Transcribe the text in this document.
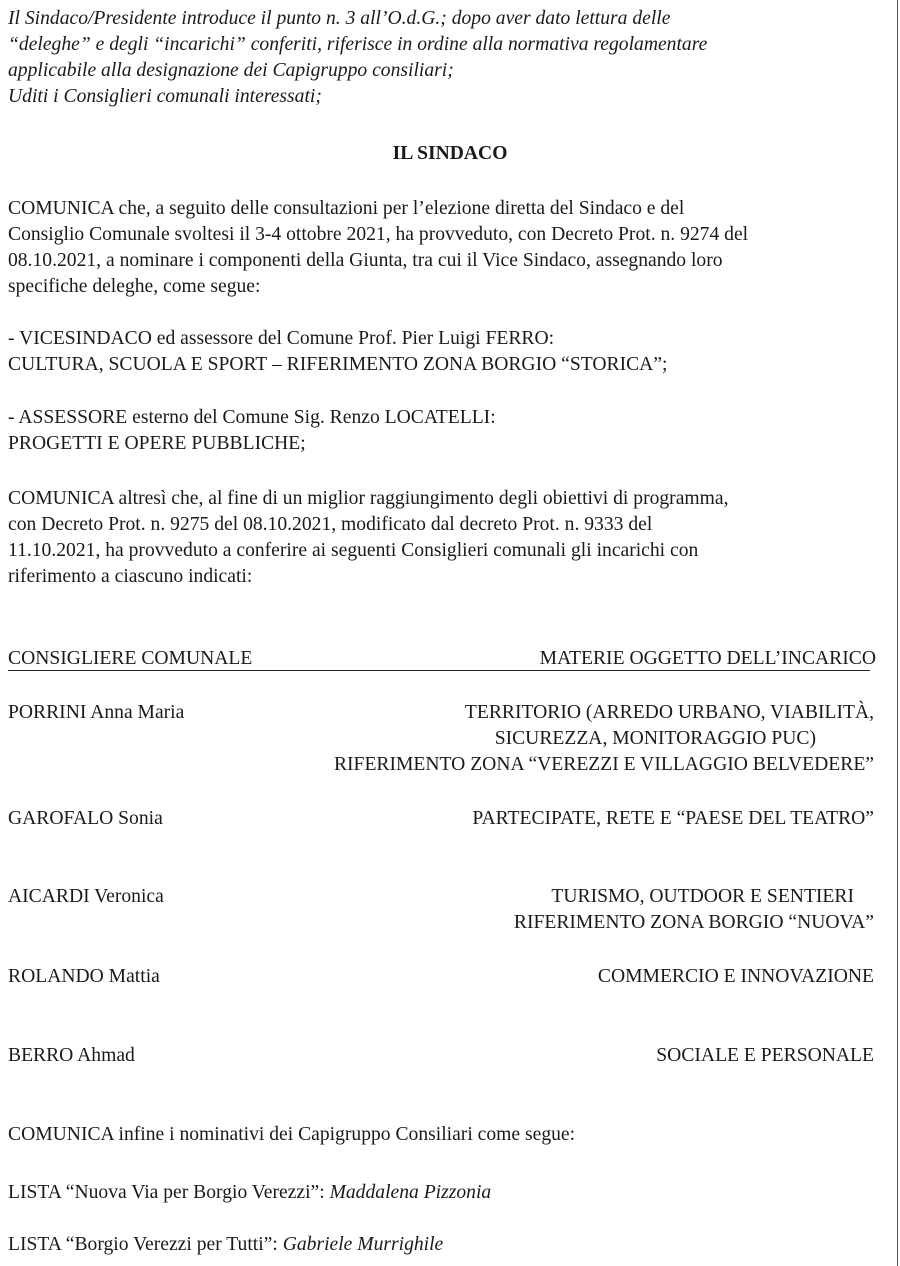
Il Sindaco/Presidente introduce il punto n. 3 all’O.d.G.; dopo aver dato lettura delle
“deleghe” e degli “incarichi” conferiti, riferisce in ordine alla normativa regolamentare
applicabile alla designazione dei Capigruppo consiliari;
Uditi i Consiglieri comunali interessati;
IL SINDACO
COMUNICA che, a seguito delle consultazioni per l’elezione diretta del Sindaco e del
Consiglio Comunale svoltesi il 3-4 ottobre 2021, ha provveduto, con Decreto Prot. n. 9274 del
08.10.2021, a nominare i componenti della Giunta, tra cui il Vice Sindaco, assegnando loro
specifiche deleghe, come segue:
- VICESINDACO ed assessore del Comune Prof. Pier Luigi FERRO:
CULTURA, SCUOLA E SPORT – RIFERIMENTO ZONA BORGIO “STORICA”;
- ASSESSORE esterno del Comune Sig. Renzo LOCATELLI:
PROGETTI E OPERE PUBBLICHE;
COMUNICA altresì che, al fine di un miglior raggiungimento degli obiettivi di programma,
con Decreto Prot. n. 9275 del 08.10.2021, modificato dal decreto Prot. n. 9333 del
11.10.2021, ha provveduto a conferire ai seguenti Consiglieri comunali gli incarichi con
riferimento a ciascuno indicati:
CONSIGLIERE COMUNALE	MATERIE OGGETTO DELL’INCARICO
PORRINI Anna Maria	TERRITORIO (ARREDO URBANO, VIABILITÀ,
SICUREZZA, MONITORAGGIO PUC)
RIFERIMENTO ZONA “VEREZZI E VILLAGGIO BELVEDERE”
GAROFALO Sonia	PARTECIPATE, RETE E “PAESE DEL TEATRO”
AICARDI Veronica	TURISMO, OUTDOOR E SENTIERI
RIFERIMENTO ZONA BORGIO “NUOVA”
ROLANDO Mattia	COMMERCIO E INNOVAZIONE
BERRO Ahmad	SOCIALE E PERSONALE
COMUNICA infine i nominativi dei Capigruppo Consiliari come segue:
LISTA “Nuova Via per Borgio Verezzi”: Maddalena Pizzonia
LISTA “Borgio Verezzi per Tutti”: Gabriele Murrighile
